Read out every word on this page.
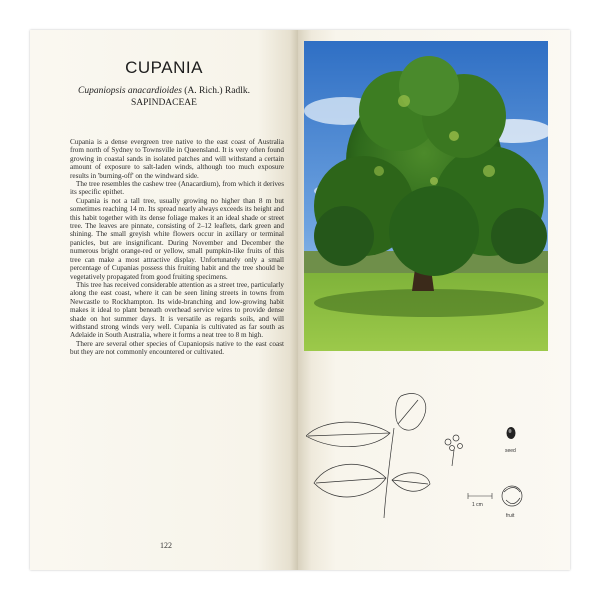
CUPANIA
Cupaniopsis anacardioides (A. Rich.) Radlk.
SAPINDACEAE

Cupania is a dense evergreen tree native to the east coast of Australia from north of Sydney to Townsville in Queensland. It is very often found growing in coastal sands in isolated patches and will withstand a certain amount of exposure to salt-laden winds, although too much exposure results in 'burning-off' on the windward side.

The tree resembles the cashew tree (Anacardium), from which it derives its specific epithet.

Cupania is not a tall tree, usually growing no higher than 8 m but sometimes reaching 14 m. Its spread nearly always exceeds its height and this habit together with its dense foliage makes it an ideal shade or street tree. The leaves are pinnate, consisting of 2–12 leaflets, dark green and shining. The small greyish white flowers occur in axillary or terminal panicles, but are insignificant. During November and December the numerous bright orange-red or yellow, small pumpkin-like fruits of this tree can make a most attractive display. Unfortunately only a small percentage of Cupanias possess this fruiting habit and the tree should be vegetatively propagated from good fruiting specimens.

This tree has received considerable attention as a street tree, particularly along the east coast, where it can be seen lining streets in towns from Newcastle to Rockhampton. Its wide-branching and low-growing habit makes it ideal to plant beneath overhead service wires to provide dense shade on hot summer days. It is versatile as regards soils, and will withstand strong winds very well. Cupania is cultivated as far south as Adelaide in South Australia, where it forms a neat tree to 8 m high.

There are several other species of Cupaniopsis native to the east coast but they are not commonly encountered or cultivated.

122
seed
1 cm
fruit
